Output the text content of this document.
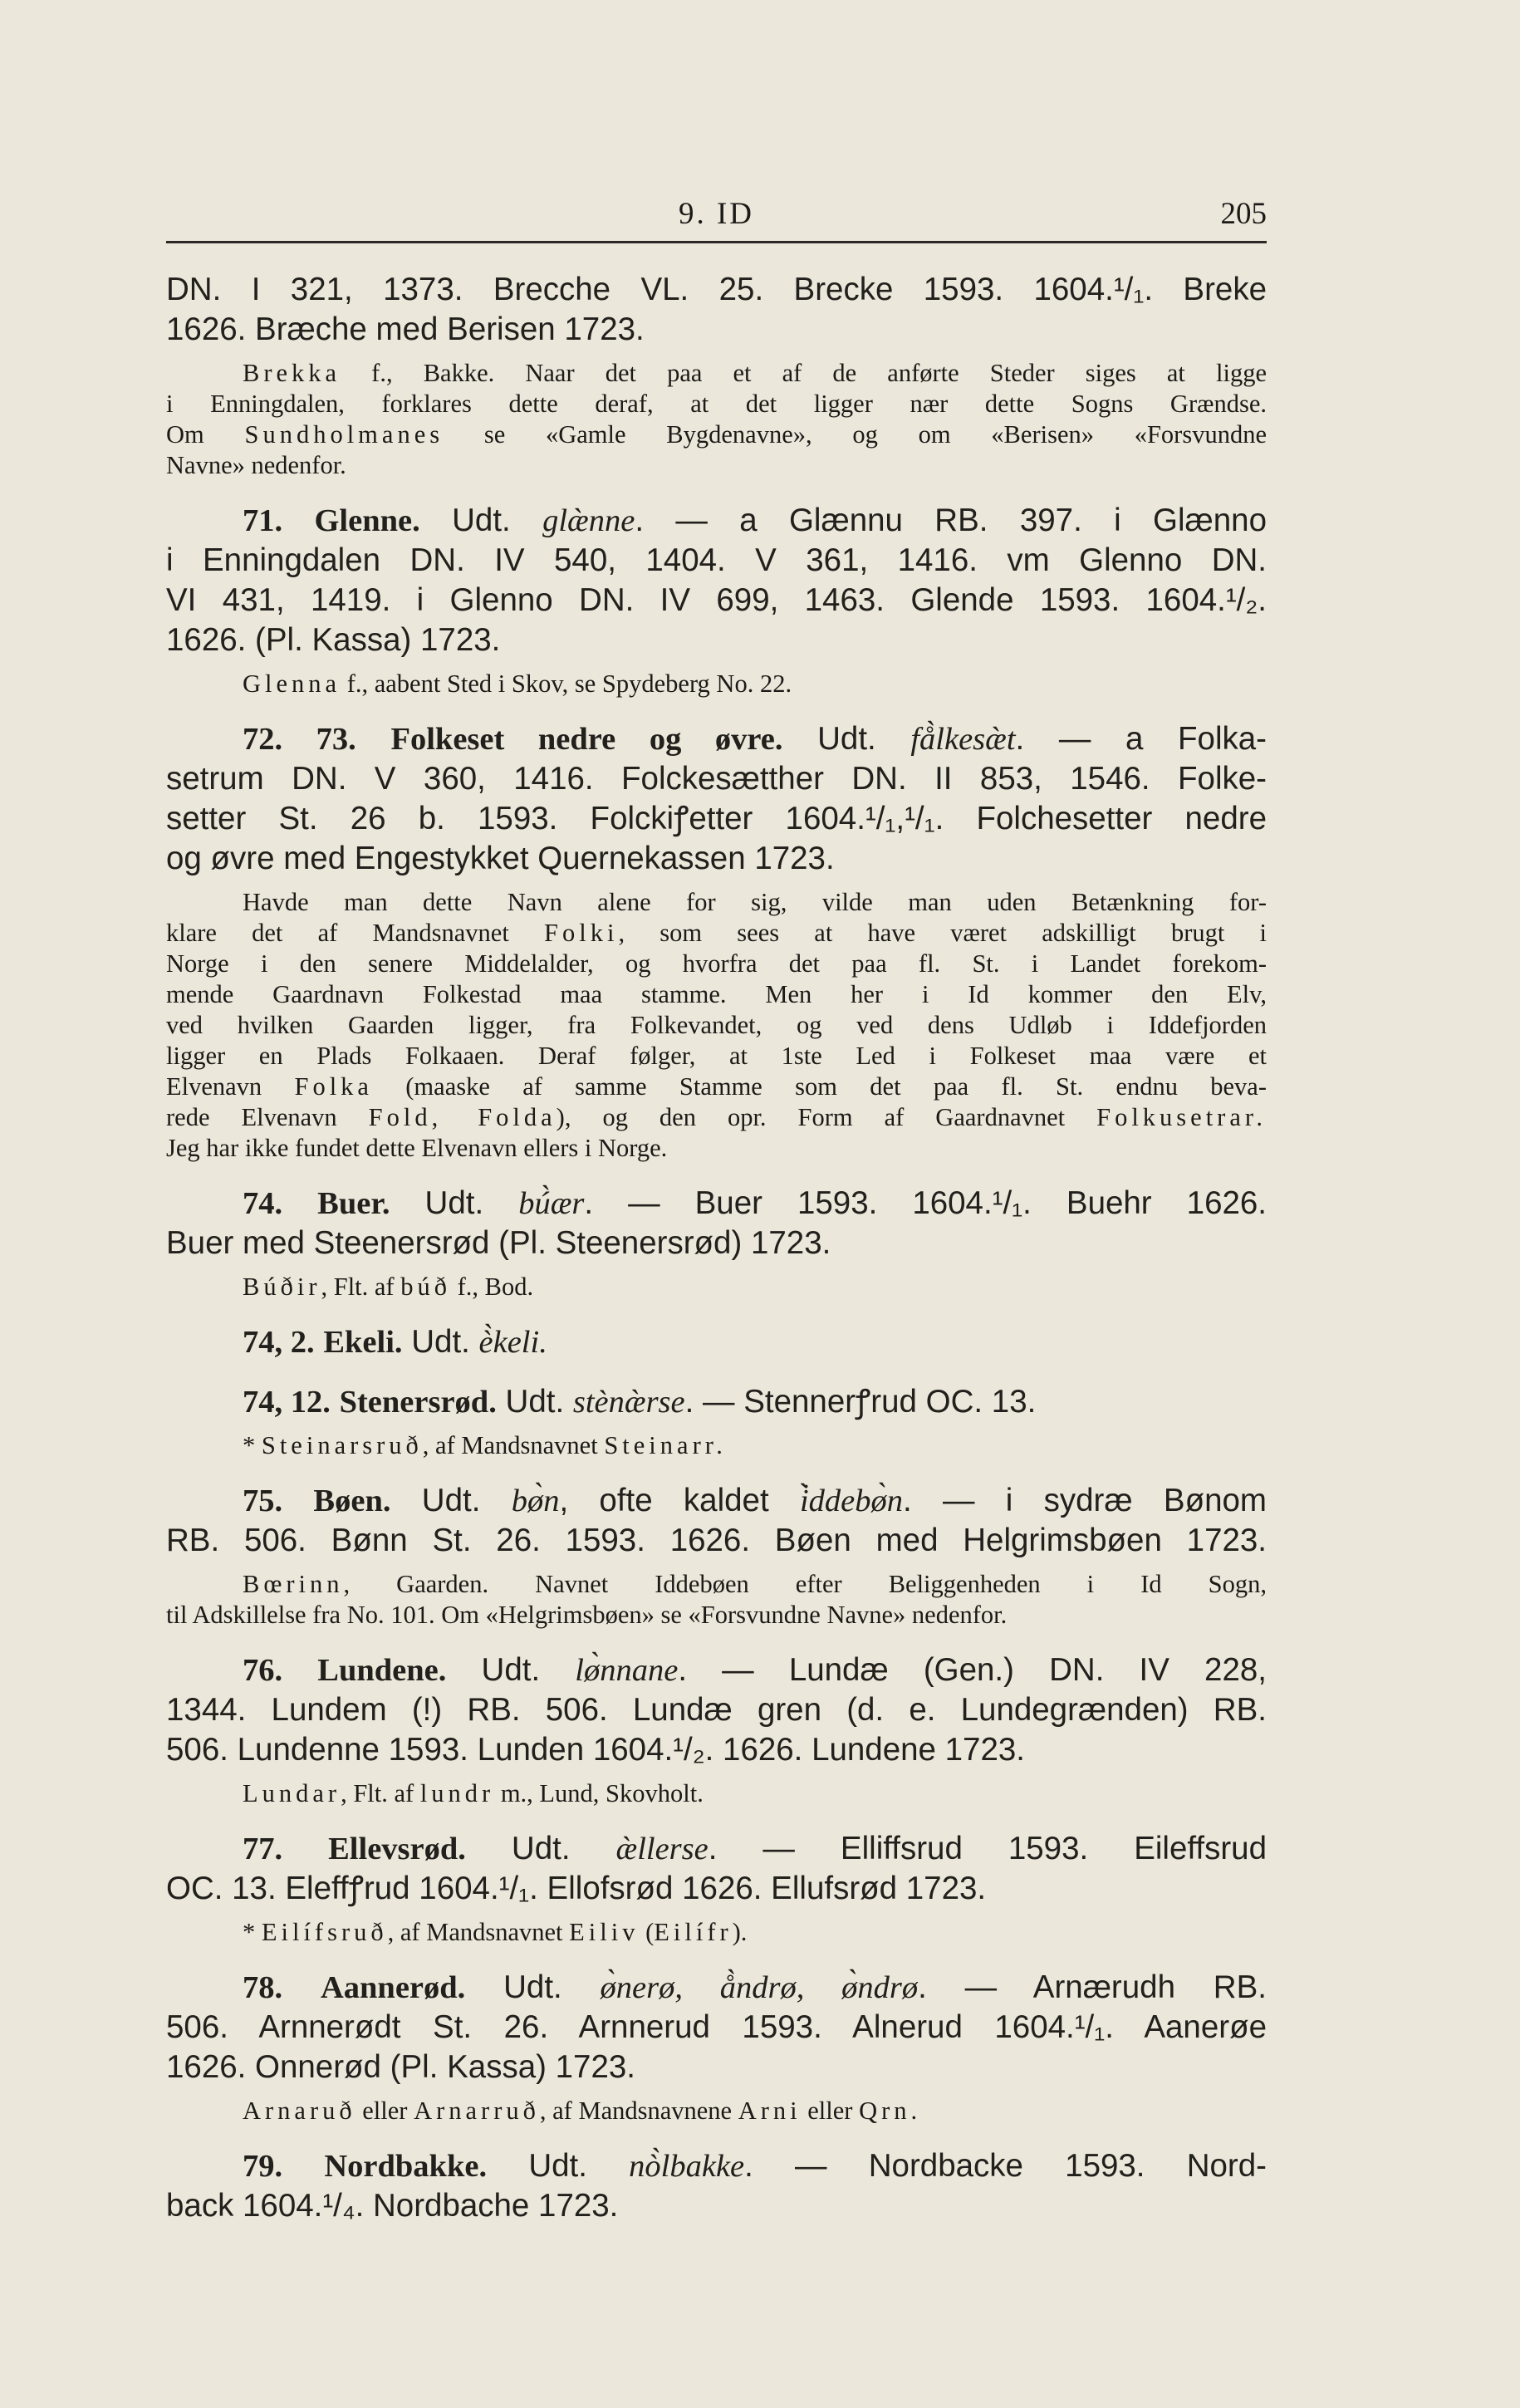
9. ID	205

DN. I 321, 1373. Brecche VL. 25. Brecke 1593. 1604.¹/₁. Breke

1626. Bræche med Berisen 1723.

Brekka f., Bakke. Naar det paa et af de anførte Steder siges at ligge

i Enningdalen, forklares dette deraf, at det ligger nær dette Sogns Grændse.

Om Sundholmanes se «Gamle Bygdenavne», og om «Berisen» «Forsvundne

Navne» nedenfor.

71. Glenne. Udt. glæ̀nne. — a Glænnu RB. 397. i Glænno

i Enningdalen DN. IV 540, 1404. V 361, 1416. vm Glenno DN.

VI 431, 1419. i Glenno DN. IV 699, 1463. Glende 1593. 1604.¹/₂.

1626. (Pl. Kassa) 1723.

Glenna f., aabent Sted i Skov, se Spydeberg No. 22.

72. 73. Folkeset nedre og øvre. Udt. få̀lkesæ̀t. — a Folka-

setrum DN. V 360, 1416. Folckesætther DN. II 853, 1546. Folke-

setter St. 26 b. 1593. Folckiꝭetter 1604.¹/₁,¹/₁. Folchesetter nedre

og øvre med Engestykket Quernekassen 1723.

Havde man dette Navn alene for sig, vilde man uden Betænkning for-

klare det af Mandsnavnet Folki, som sees at have været adskilligt brugt i

Norge i den senere Middelalder, og hvorfra det paa fl. St. i Landet forekom-

mende Gaardnavn Folkestad maa stamme. Men her i Id kommer den Elv,

ved hvilken Gaarden ligger, fra Folkevandet, og ved dens Udløb i Iddefjorden

ligger en Plads Folkaaen. Deraf følger, at 1ste Led i Folkeset maa være et

Elvenavn Folka (maaske af samme Stamme som det paa fl. St. endnu beva-

rede Elvenavn Fold, Folda), og den opr. Form af Gaardnavnet Folkusetrar.

Jeg har ikke fundet dette Elvenavn ellers i Norge.

74. Buer. Udt. bú̀ær. — Buer 1593. 1604.¹/₁. Buehr 1626.

Buer med Steenersrød (Pl. Steenersrød) 1723.

Búðir, Flt. af búð f., Bod.

74, 2. Ekeli. Udt. è̀keli.

74, 12. Stenersrød. Udt. stènæ̀rse. — Stennerꝭrud OC. 13.

* Steinarsruð, af Mandsnavnet Steinarr.

75. Bøen. Udt. bø̀n, ofte kaldet i̇̀ddebø̀n. — i sydræ Bønom

RB. 506. Bønn St. 26. 1593. 1626. Bøen med Helgrimsbøen 1723.

Bœrinn, Gaarden. Navnet Iddebøen efter Beliggenheden i Id Sogn,

til Adskillelse fra No. 101. Om «Helgrimsbøen» se «Forsvundne Navne» nedenfor.

76. Lundene. Udt. lø̀nnane. — Lundæ (Gen.) DN. IV 228,

1344. Lundem (!) RB. 506. Lundæ gren (d. e. Lundegrænden) RB.

506. Lundenne 1593. Lunden 1604.¹/₂. 1626. Lundene 1723.

Lundar, Flt. af lundr m., Lund, Skovholt.

77. Ellevsrød. Udt. æ̀llerse. — Elliffsrud 1593. Eileffsrud

OC. 13. Eleffꝭrud 1604.¹/₁. Ellofsrød 1626. Ellufsrød 1723.

* Eilífsruð, af Mandsnavnet Eiliv (Eilífr).

78. Aannerød. Udt. ø̀nerø, å̀ndrø, ø̀ndrø. — Arnærudh RB.

506. Arnnerødt St. 26. Arnnerud 1593. Alnerud 1604.¹/₁. Aanerøe

1626. Onnerød (Pl. Kassa) 1723.

Arnaruð eller Arnarruð, af Mandsnavnene Arni eller Qrn.

79. Nordbakke. Udt. nò̀lbakke. — Nordbacke 1593. Nord-

back 1604.¹/₄. Nordbache 1723.
